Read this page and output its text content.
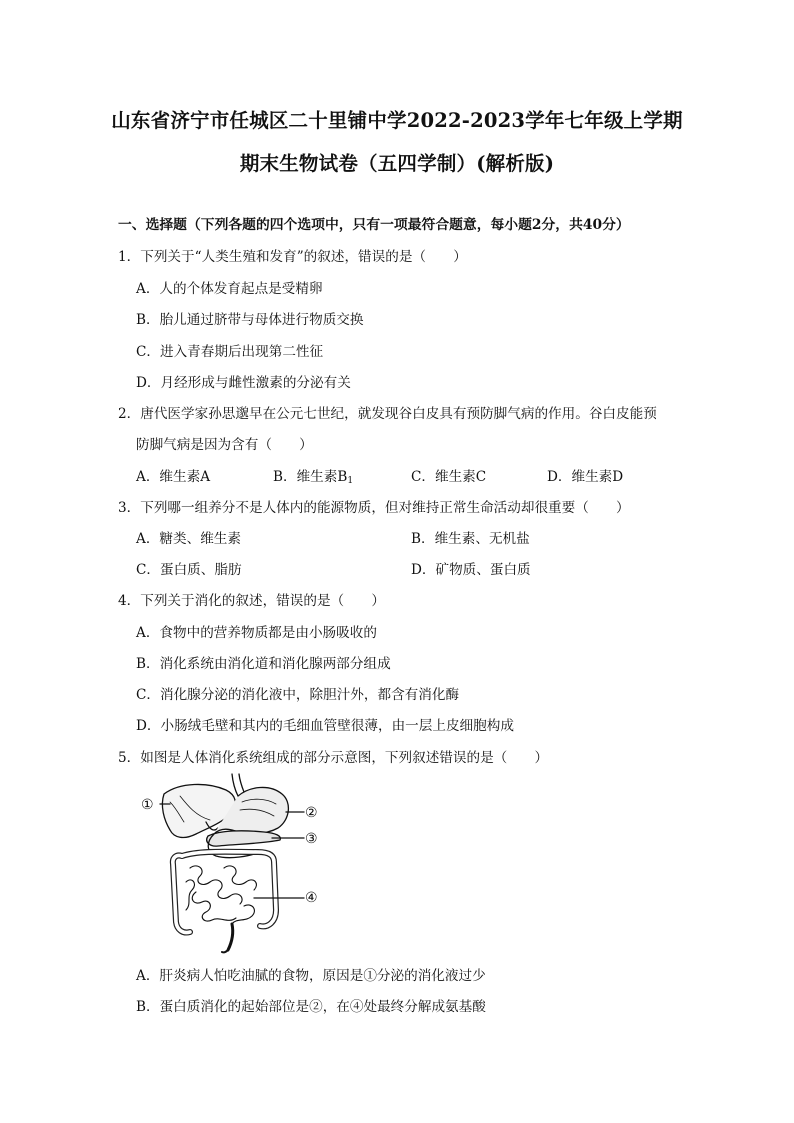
山东省济宁市任城区二十里铺中学2022-2023学年七年级上学期
期末生物试卷（五四学制）(解析版)
一、选择题（下列各题的四个选项中，只有一项最符合题意，每小题2分，共40分）
1．下列关于“人类生殖和发育”的叙述，错误的是（　　）
A．人的个体发育起点是受精卵
B．胎儿通过脐带与母体进行物质交换
C．进入青春期后出现第二性征
D．月经形成与雌性激素的分泌有关
2．唐代医学家孙思邈早在公元七世纪，就发现谷白皮具有预防脚气病的作用。谷白皮能预
防脚气病是因为含有（　　）
A．维生素A	B．维生素$B_1$	C．维生素C	D．维生素D
3．下列哪一组养分不是人体内的能源物质，但对维持正常生命活动却很重要（　　）
A．糖类、维生素	B．维生素、无机盐
C．蛋白质、脂肪	D．矿物质、蛋白质
4．下列关于消化的叙述，错误的是（　　）
A．食物中的营养物质都是由小肠吸收的
B．消化系统由消化道和消化腺两部分组成
C．消化腺分泌的消化液中，除胆汁外，都含有消化酶
D．小肠绒毛壁和其内的毛细血管壁很薄，由一层上皮细胞构成
5．如图是人体消化系统组成的部分示意图，下列叙述错误的是（　　）
①	②
③
④
A．肝炎病人怕吃油腻的食物，原因是①分泌的消化液过少
B．蛋白质消化的起始部位是②，在④处最终分解成氨基酸
